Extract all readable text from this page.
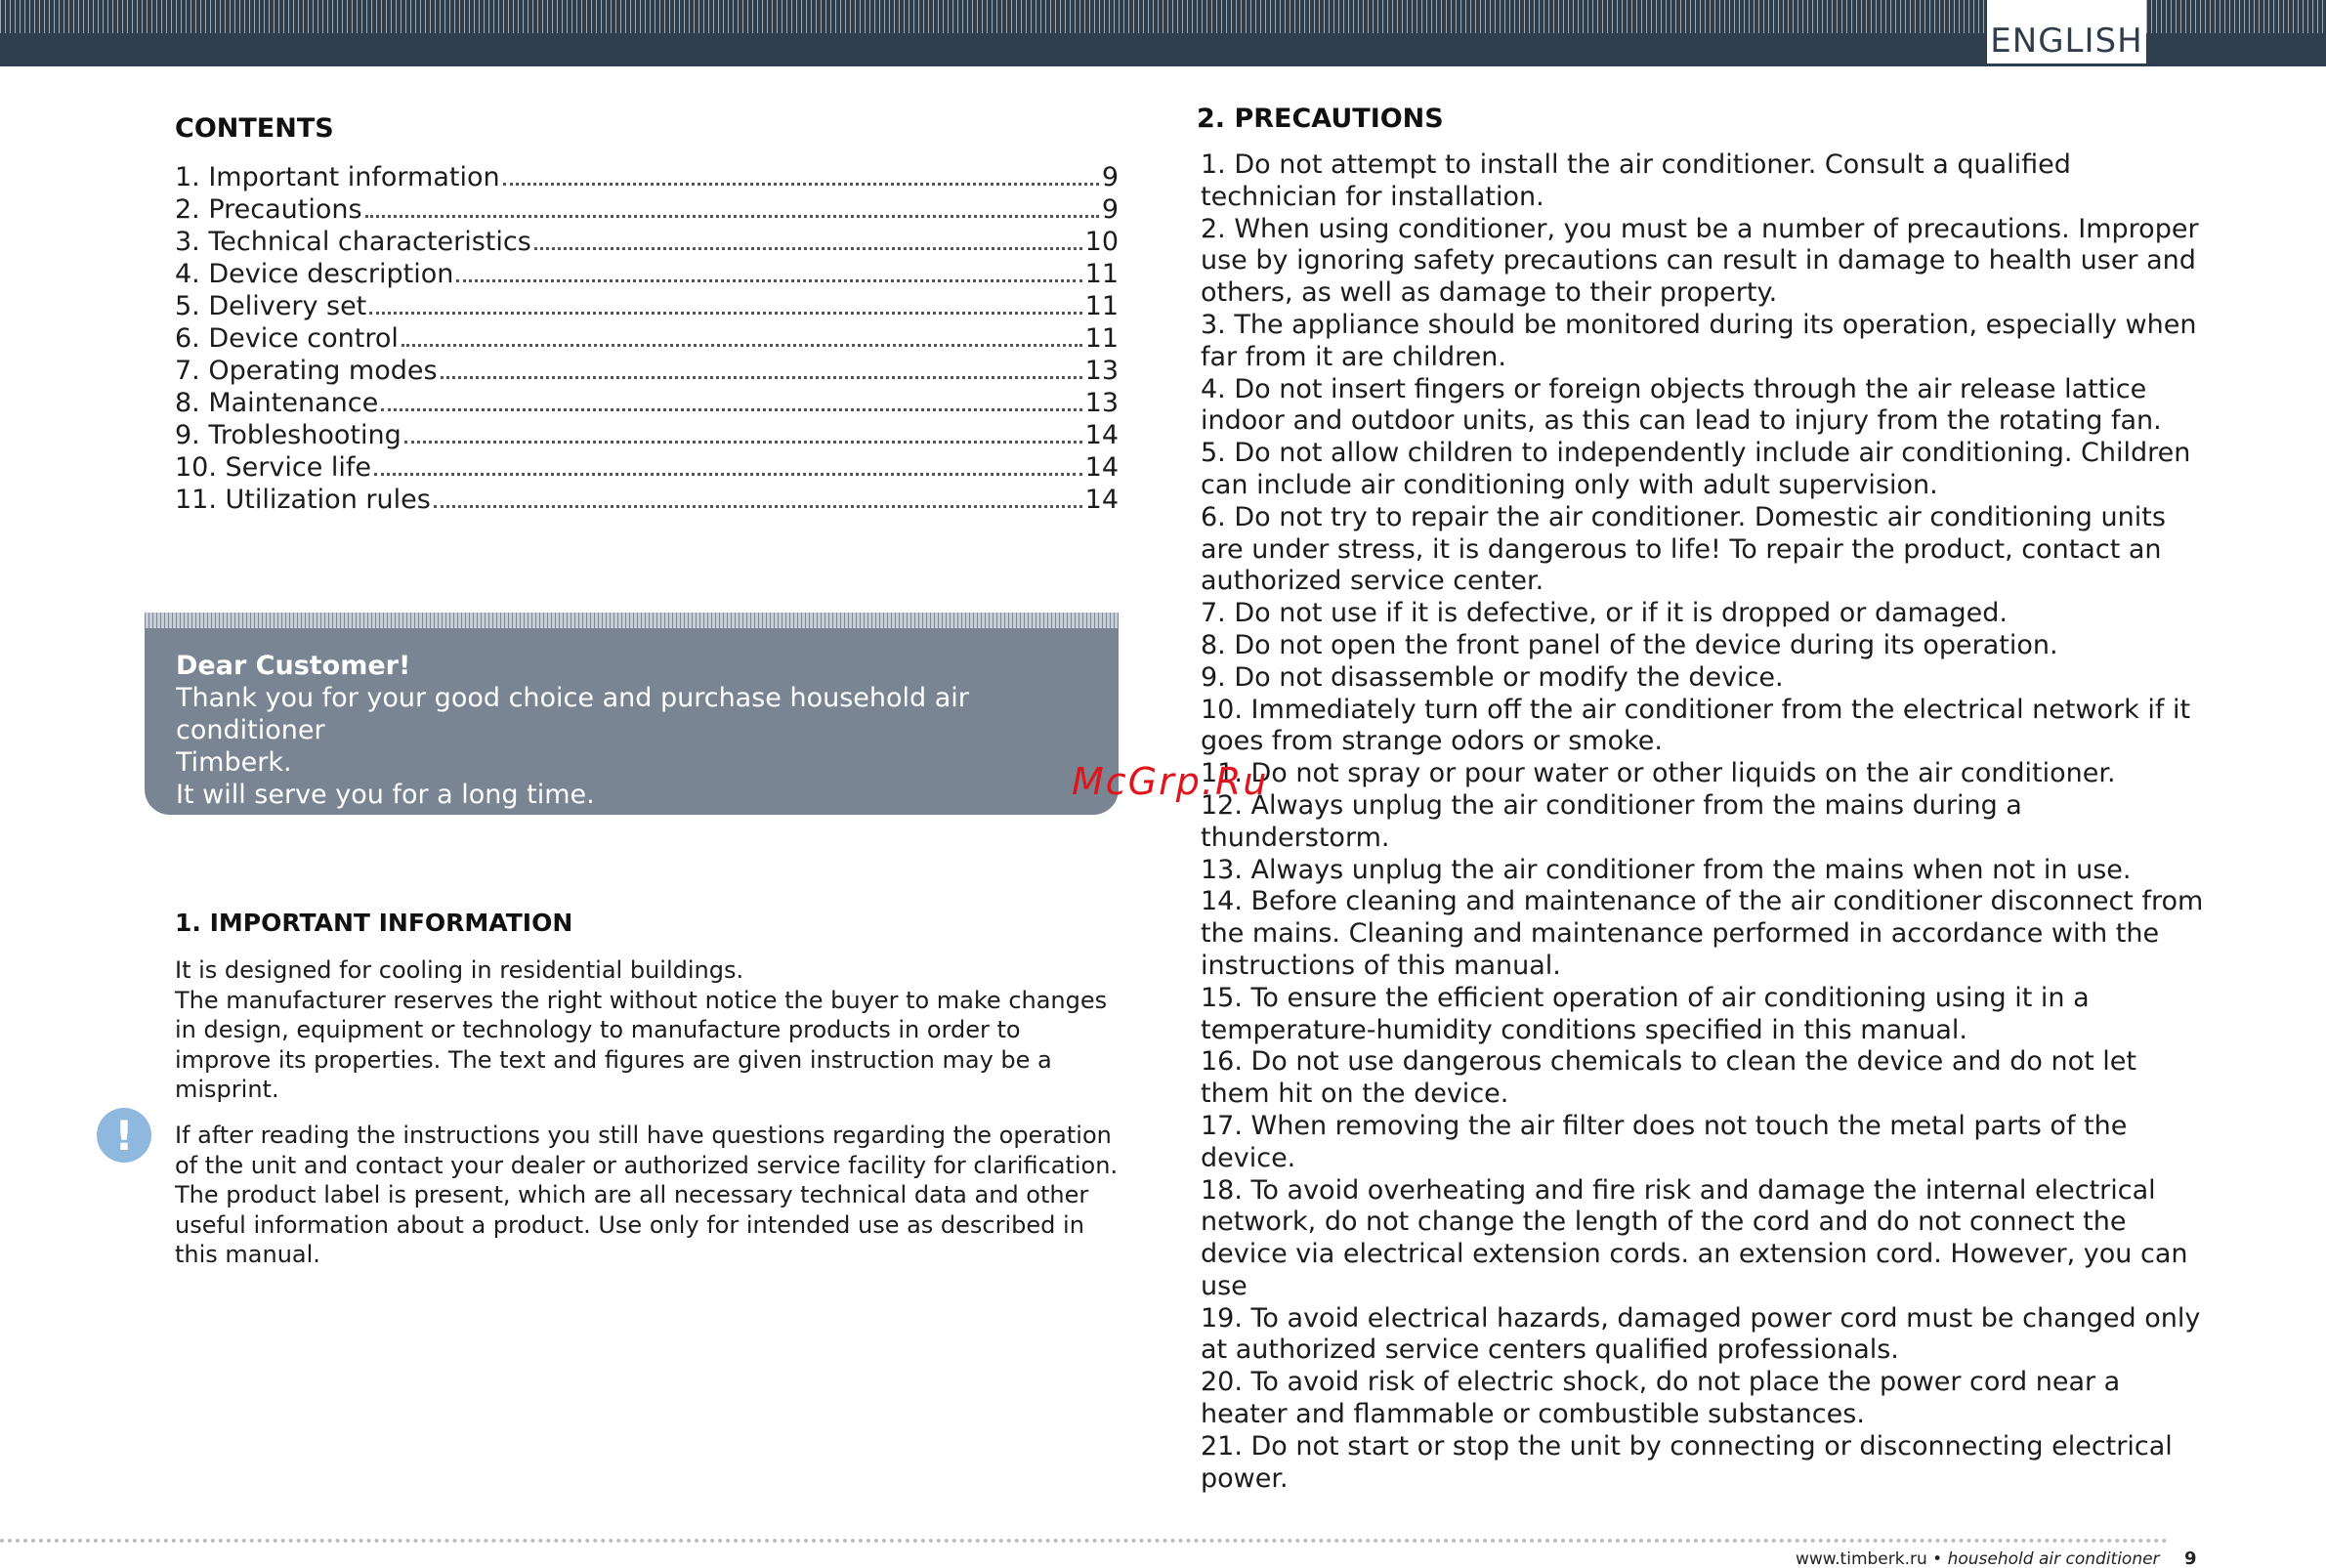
ENGLISH
CONTENTS
1. Important information	9
2. Precautions	9
3. Technical characteristics	10
4. Device description	11
5. Delivery set	11
6. Device control	11
7. Operating modes	13
8. Maintenance	13
9. Trobleshooting	14
10. Service life	14
11. Utilization rules	14
Dear Customer!
Thank you for your good choice and purchase household air conditioner
Timberk.
It will serve you for a long time.
1. IMPORTANT INFORMATION
It is designed for cooling in residential buildings.
The manufacturer reserves the right without notice the buyer to make changes in design, equipment or technology to manufacture products in order to improve its properties. The text and figures are given instruction may be a misprint.
!	If after reading the instructions you still have questions regarding the operation of the unit and contact your dealer or authorized service facility for clarification. The product label is present, which are all necessary technical data and other useful information about a product. Use only for intended use as described in this manual.
2. PRECAUTIONS
1. Do not attempt to install the air conditioner. Consult a qualified technician for installation.
2. When using conditioner, you must be a number of precautions. Improper use by ignoring safety precautions can result in damage to health user and others, as well as damage to their property.
3. The appliance should be monitored during its operation, especially when far from it are children.
4. Do not insert fingers or foreign objects through the air release lattice indoor and outdoor units, as this can lead to injury from the rotating fan.
5. Do not allow children to independently include air conditioning. Children can include air conditioning only with adult supervision.
6. Do not try to repair the air conditioner. Domestic air conditioning units are under stress, it is dangerous to life! To repair the product, contact an authorized service center.
7. Do not use if it is defective, or if it is dropped or damaged.
8. Do not open the front panel of the device during its operation.
9. Do not disassemble or modify the device.
10. Immediately turn off the air conditioner from the electrical network if it goes from strange odors or smoke.
11. Do not spray or pour water or other liquids on the air conditioner.
12. Always unplug the air conditioner from the mains during a thunderstorm.
13. Always unplug the air conditioner from the mains when not in use.
14. Before cleaning and maintenance of the air conditioner disconnect from the mains. Cleaning and maintenance performed in accordance with the instructions of this manual.
15. To ensure the efficient operation of air conditioning using it in a temperature-humidity conditions specified in this manual.
16. Do not use dangerous chemicals to clean the device and do not let them hit on the device.
17. When removing the air filter does not touch the metal parts of the device.
18. To avoid overheating and fire risk and damage the internal electrical network, do not change the length of the cord and do not connect the device via electrical extension cords. an extension cord. However, you can use
19. To avoid electrical hazards, damaged power cord must be changed only at authorized service centers qualified professionals.
20. To avoid risk of electric shock, do not place the power cord near a heater and flammable or combustible substances.
21. Do not start or stop the unit by connecting or disconnecting electrical power.
McGrp.Ru
www.timberk.ru • household air conditioner 9
